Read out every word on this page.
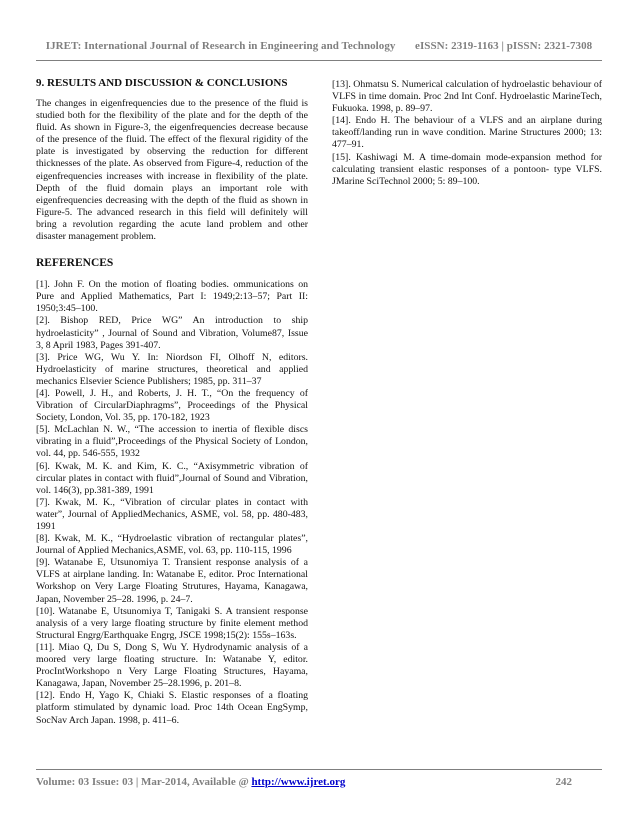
IJRET: International Journal of Research in Engineering and Technology eISSN: 2319-1163 | pISSN: 2321-7308
9. RESULTS AND DISCUSSION & CONCLUSIONS
The changes in eigenfrequencies due to the presence of the fluid is studied both for the flexibility of the plate and for the depth of the fluid. As shown in Figure-3, the eigenfrequencies decrease because of the presence of the fluid. The effect of the flexural rigidity of the plate is investigated by observing the reduction for different thicknesses of the plate. As observed from Figure-4, reduction of the eigenfrequencies increases with increase in flexibility of the plate. Depth of the fluid domain plays an important role with eigenfrequencies decreasing with the depth of the fluid as shown in Figure-5. The advanced research in this field will definitely will bring a revolution regarding the acute land problem and other disaster management problem.
REFERENCES
[1]. John F. On the motion of floating bodies. ommunications on Pure and Applied Mathematics, Part I: 1949;2:13–57; Part II: 1950;3:45–100.
[2]. Bishop RED, Price WG” An introduction to ship hydroelasticity” , Journal of Sound and Vibration, Volume87, Issue 3, 8 April 1983, Pages 391-407.
[3]. Price WG, Wu Y. In: Niordson FI, Olhoff N, editors. Hydroelasticity of marine structures, theoretical and applied mechanics Elsevier Science Publishers; 1985, pp. 311–37
[4]. Powell, J. H., and Roberts, J. H. T., “On the frequency of Vibration of CircularDiaphragms”, Proceedings of the Physical Society, London, Vol. 35, pp. 170-182, 1923
[5]. McLachlan N. W., “The accession to inertia of flexible discs vibrating in a fluid”,Proceedings of the Physical Society of London, vol. 44, pp. 546-555, 1932
[6]. Kwak, M. K. and Kim, K. C., “Axisymmetric vibration of circular plates in contact with fluid”,Journal of Sound and Vibration, vol. 146(3), pp.381-389, 1991
[7]. Kwak, M. K., “Vibration of circular plates in contact with water”, Journal of AppliedMechanics, ASME, vol. 58, pp. 480-483, 1991
[8]. Kwak, M. K., “Hydroelastic vibration of rectangular plates”, Journal of Applied Mechanics,ASME, vol. 63, pp. 110-115, 1996
[9]. Watanabe E, Utsunomiya T. Transient response analysis of a VLFS at airplane landing. In: Watanabe E, editor. Proc International Workshop on Very Large Floating Strutures, Hayama, Kanagawa, Japan, November 25–28. 1996, p. 24–7.
[10]. Watanabe E, Utsunomiya T, Tanigaki S. A transient response analysis of a very large floating structure by finite element method Structural Engrg/Earthquake Engrg, JSCE 1998;15(2): 155s–163s.
[11]. Miao Q, Du S, Dong S, Wu Y. Hydrodynamic analysis of a moored very large floating structure. In: Watanabe Y, editor. ProcIntWorkshopo n Very Large Floating Structures, Hayama, Kanagawa, Japan, November 25–28.1996, p. 201–8.
[12]. Endo H, Yago K, Chiaki S. Elastic responses of a floating platform stimulated by dynamic load. Proc 14th Ocean EngSymp, SocNav Arch Japan. 1998, p. 411–6.
[13]. Ohmatsu S. Numerical calculation of hydroelastic behaviour of VLFS in time domain. Proc 2nd Int Conf. Hydroelastic MarineTech, Fukuoka. 1998, p. 89–97.
[14]. Endo H. The behaviour of a VLFS and an airplane during takeoff/landing run in wave condition. Marine Structures 2000; 13: 477–91.
[15]. Kashiwagi M. A time-domain mode-expansion method for calculating transient elastic responses of a pontoon- type VLFS. JMarine SciTechnol 2000; 5: 89–100.
Volume: 03 Issue: 03 | Mar-2014, Available @ http://www.ijret.org	242
